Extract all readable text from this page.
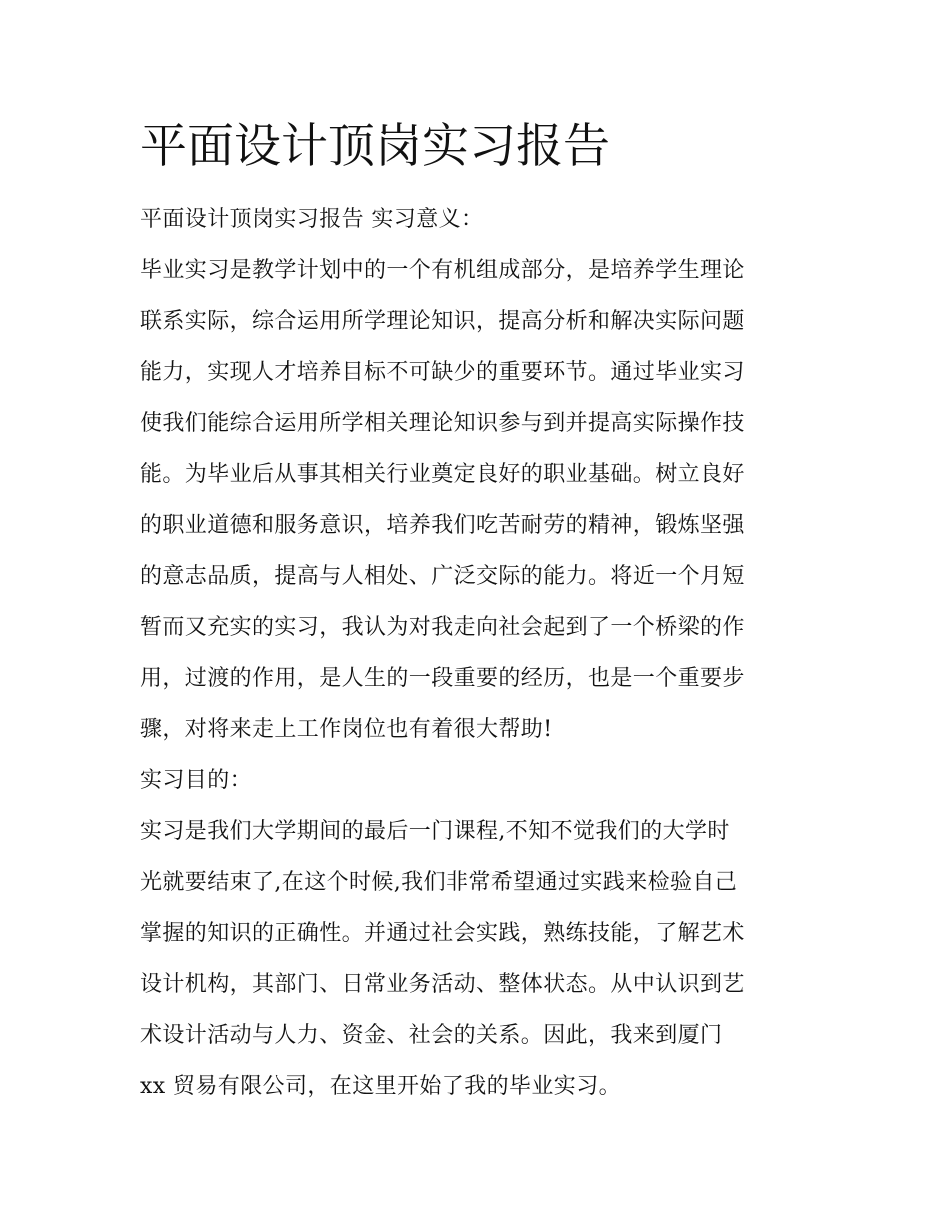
平面设计顶岗实习报告
平面设计顶岗实习报告 实习意义：
毕业实习是教学计划中的一个有机组成部分，是培养学生理论
联系实际，综合运用所学理论知识，提高分析和解决实际问题
能力，实现人才培养目标不可缺少的重要环节。通过毕业实习
使我们能综合运用所学相关理论知识参与到并提高实际操作技
能。为毕业后从事其相关行业奠定良好的职业基础。树立良好
的职业道德和服务意识，培养我们吃苦耐劳的精神，锻炼坚强
的意志品质，提高与人相处、广泛交际的能力。将近一个月短
暂而又充实的实习，我认为对我走向社会起到了一个桥梁的作
用，过渡的作用，是人生的一段重要的经历，也是一个重要步
骤，对将来走上工作岗位也有着很大帮助!
实习目的：
实习是我们大学期间的最后一门课程,不知不觉我们的大学时
光就要结束了,在这个时候,我们非常希望通过实践来检验自己
掌握的知识的正确性。并通过社会实践，熟练技能，了解艺术
设计机构，其部门、日常业务活动、整体状态。从中认识到艺
术设计活动与人力、资金、社会的关系。因此，我来到厦门
xx 贸易有限公司，在这里开始了我的毕业实习。
